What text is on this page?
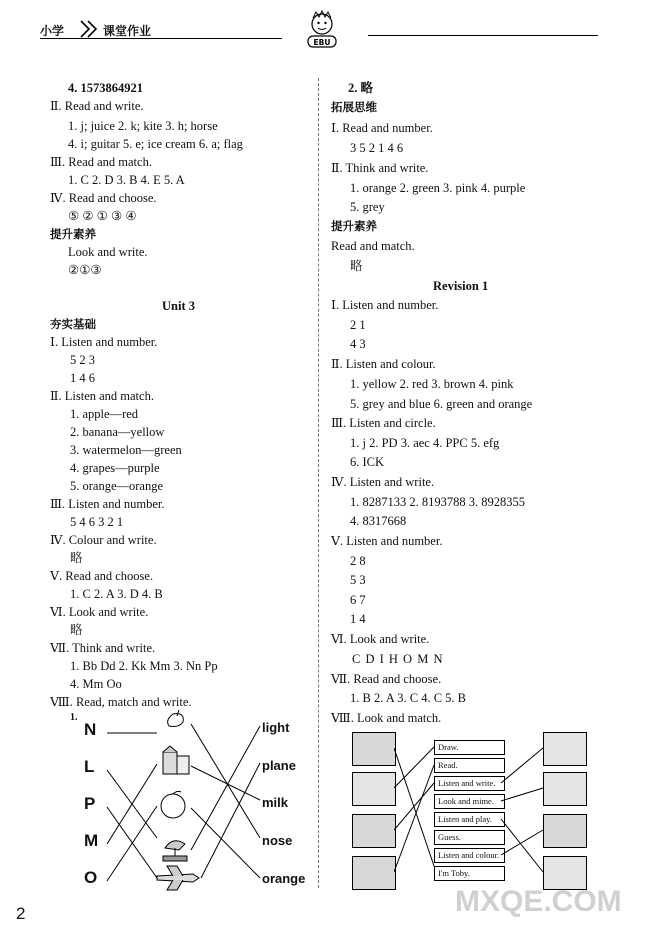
小学	课堂作业
EBU
4. 1573864921
Ⅱ. Read and write.
1. j; juice 2. k; kite 3. h; horse
4. i; guitar 5. e; ice cream 6. a; flag
Ⅲ. Read and match.
1. C 2. D 3. B 4. E 5. A
Ⅳ. Read and choose.
⑤ ② ① ③ ④
提升素养
Look and write.
②①③
Unit 3
夯实基础
Ⅰ. Listen and number.
5 2 3
1 4 6
Ⅱ. Listen and match.
1. apple—red
2. banana—yellow
3. watermelon—green
4. grapes—purple
5. orange—orange
Ⅲ. Listen and number.
5 4 6 3 2 1
Ⅳ. Colour and write.
略
Ⅴ. Read and choose.
1. C 2. A 3. D 4. B
Ⅵ. Look and write.
略
Ⅶ. Think and write.
1. Bb Dd 2. Kk Mm 3. Nn Pp
4. Mm Oo
Ⅷ. Read, match and write.
1.
N
L
P
M
O
light
plane
milk
nose
orange
2. 略
拓展思维
Ⅰ. Read and number.
3 5 2 1 4 6
Ⅱ. Think and write.
1. orange 2. green 3. pink 4. purple
5. grey
提升素养
Read and match.
略
Revision 1
Ⅰ. Listen and number.
2 1
4 3
Ⅱ. Listen and colour.
1. yellow 2. red 3. brown 4. pink
5. grey and blue 6. green and orange
Ⅲ. Listen and circle.
1. j 2. PD 3. aec 4. PPC 5. efg
6. ICK
Ⅳ. Listen and write.
1. 8287133 2. 8193788 3. 8928355
4. 8317668
Ⅴ. Listen and number.
2 8
5 3
6 7
1 4
Ⅵ. Look and write.
C D I H O M N
Ⅶ. Read and choose.
1. B 2. A 3. C 4. C 5. B
Ⅷ. Look and match.
Draw.
Read.
Listen and write.
Look and mime.
Listen and play.
Guess.
Listen and colour.
I'm Toby.
2	MXQE.COM
